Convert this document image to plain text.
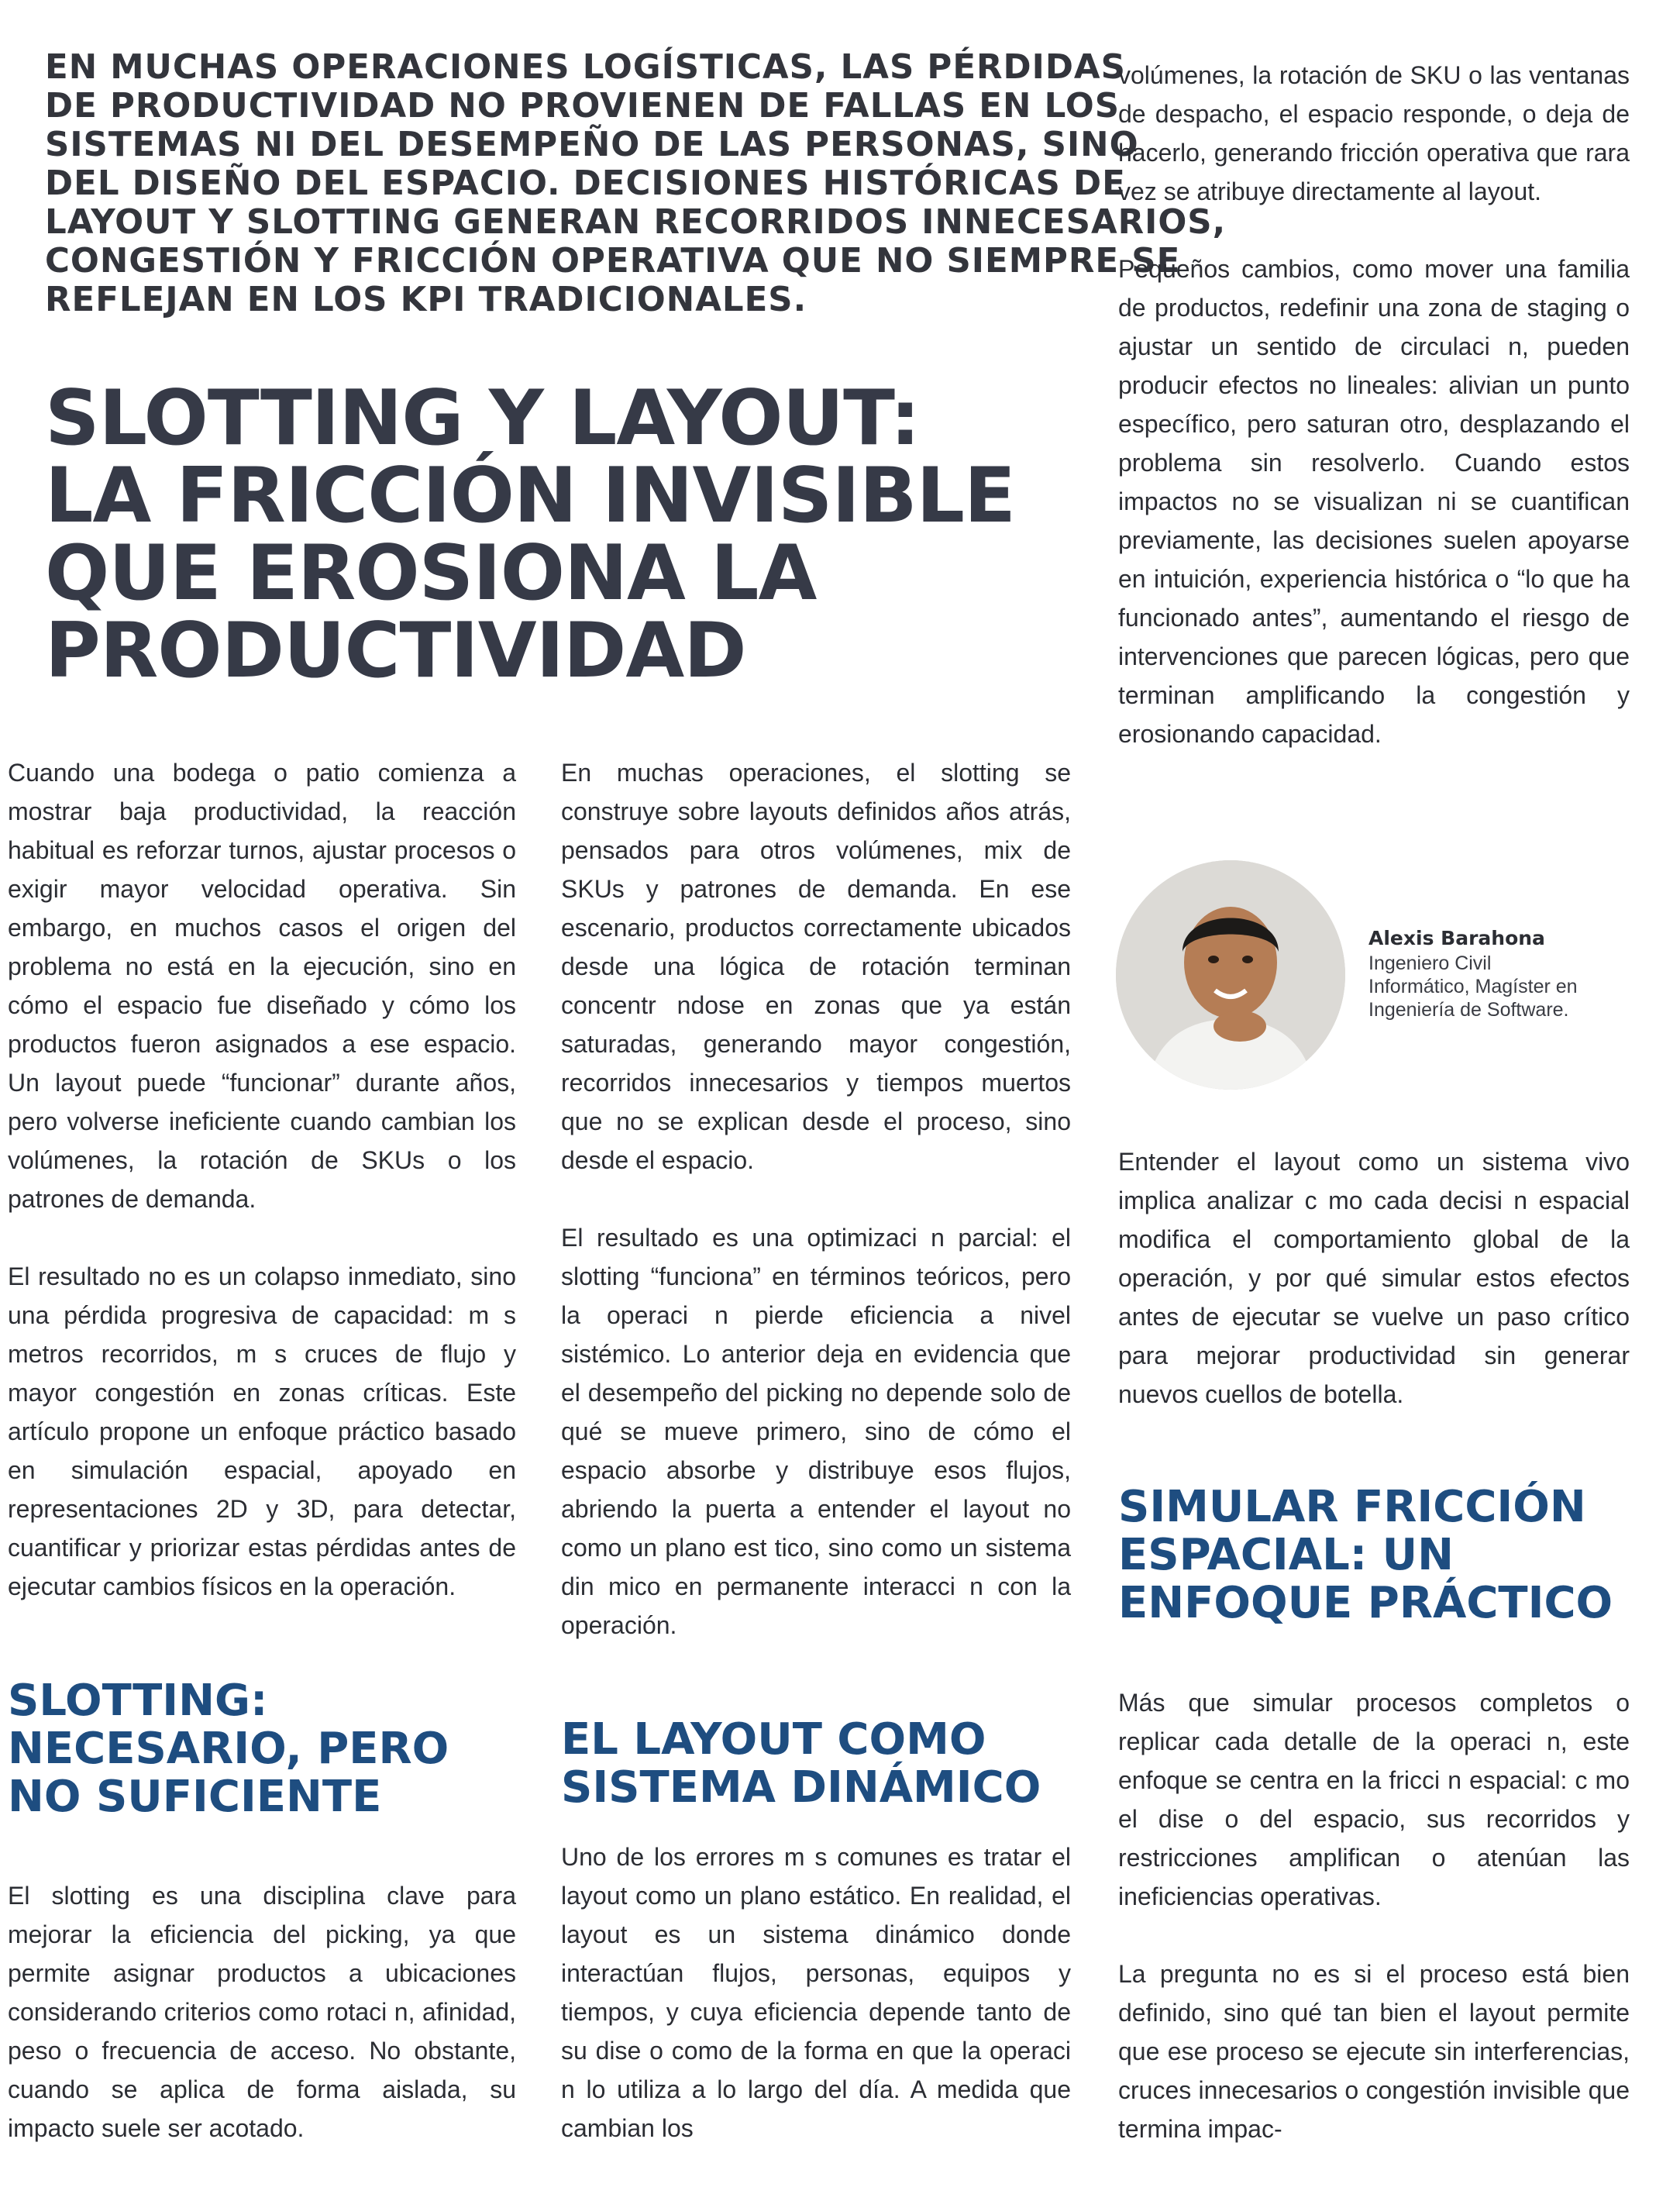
EN MUCHAS OPERACIONES LOGÍSTICAS, LAS PÉRDIDAS
DE PRODUCTIVIDAD NO PROVIENEN DE FALLAS EN LOS
SISTEMAS NI DEL DESEMPEÑO DE LAS PERSONAS, SINO
DEL DISEÑO DEL ESPACIO. DECISIONES HISTÓRICAS DE
LAYOUT Y SLOTTING GENERAN RECORRIDOS INNECESARIOS,
CONGESTIÓN Y FRICCIÓN OPERATIVA QUE NO SIEMPRE SE
REFLEJAN EN LOS KPI TRADICIONALES.
SLOTTING Y LAYOUT:
LA FRICCIÓN INVISIBLE
QUE EROSIONA LA
PRODUCTIVIDAD

Cuando una bodega o patio comienza a mostrar baja productividad, la reacción habitual es reforzar turnos, ajustar procesos o exigir mayor velocidad operativa. Sin embargo, en muchos casos el origen del problema no está en la ejecución, sino en cómo el espacio fue diseñado y cómo los productos fueron asignados a ese espacio. Un layout puede “funcionar” durante años, pero volverse ineficiente cuando cambian los volúmenes, la rotación de SKUs o los patrones de demanda.

El resultado no es un colapso inmediato, sino una pérdida progresiva de capacidad: m s metros recorridos, m s cruces de flujo y mayor congestión en zonas críticas. Este artículo propone un enfoque práctico basado en simulación espacial, apoyado en representaciones 2D y 3D, para detectar, cuantificar y priorizar estas pérdidas antes de ejecutar cambios físicos en la operación.

SLOTTING:
NECESARIO, PERO
NO SUFICIENTE

El slotting es una disciplina clave para mejorar la eficiencia del picking, ya que permite asignar productos a ubicaciones considerando criterios como rotaci n, afinidad, peso o frecuencia de acceso. No obstante, cuando se aplica de forma aislada, su impacto suele ser acotado.

En muchas operaciones, el slotting se construye sobre layouts definidos años atrás, pensados para otros volúmenes, mix de SKUs y patrones de demanda. En ese escenario, productos correctamente ubicados desde una lógica de rotación terminan concentr ndose en zonas que ya están saturadas, generando mayor congestión, recorridos innecesarios y tiempos muertos que no se explican desde el proceso, sino desde el espacio.

El resultado es una optimizaci n parcial: el slotting “funciona” en términos teóricos, pero la operaci n pierde eficiencia a nivel sistémico. Lo anterior deja en evidencia que el desempeño del picking no depende solo de qué se mueve primero, sino de cómo el espacio absorbe y distribuye esos flujos, abriendo la puerta a entender el layout no como un plano est tico, sino como un sistema din mico en permanente interacci n con la operación.

EL LAYOUT COMO
SISTEMA DINÁMICO

Uno de los errores m s comunes es tratar el layout como un plano estático. En realidad, el layout es un sistema dinámico donde interactúan flujos, personas, equipos y tiempos, y cuya eficiencia depende tanto de su dise o como de la forma en que la operaci n lo utiliza a lo largo del día. A medida que cambian los

volúmenes, la rotación de SKU o las ventanas de despacho, el espacio responde, o deja de hacerlo, generando fricción operativa que rara vez se atribuye directamente al layout.

Pequeños cambios, como mover una familia de productos, redefinir una zona de staging o ajustar un sentido de circulaci n, pueden producir efectos no lineales: alivian un punto específico, pero saturan otro, desplazando el problema sin resolverlo. Cuando estos impactos no se visualizan ni se cuantifican previamente, las decisiones suelen apoyarse en intuición, experiencia histórica o “lo que ha funcionado antes”, aumentando el riesgo de intervenciones que parecen lógicas, pero que terminan amplificando la congestión y erosionando capacidad.

Alexis Barahona
Ingeniero Civil
Informático, Magíster en
Ingeniería de Software.

Entender el layout como un sistema vivo implica analizar c mo cada decisi n espacial modifica el comportamiento global de la operación, y por qué simular estos efectos antes de ejecutar se vuelve un paso crítico para mejorar productividad sin generar nuevos cuellos de botella.

SIMULAR FRICCIÓN
ESPACIAL: UN
ENFOQUE PRÁCTICO

Más que simular procesos completos o replicar cada detalle de la operaci n, este enfoque se centra en la fricci n espacial: c mo el dise o del espacio, sus recorridos y restricciones amplifican o atenúan las ineficiencias operativas.

La pregunta no es si el proceso está bien definido, sino qué tan bien el layout permite que ese proceso se ejecute sin interferencias, cruces innecesarios o congestión invisible que termina impac-
